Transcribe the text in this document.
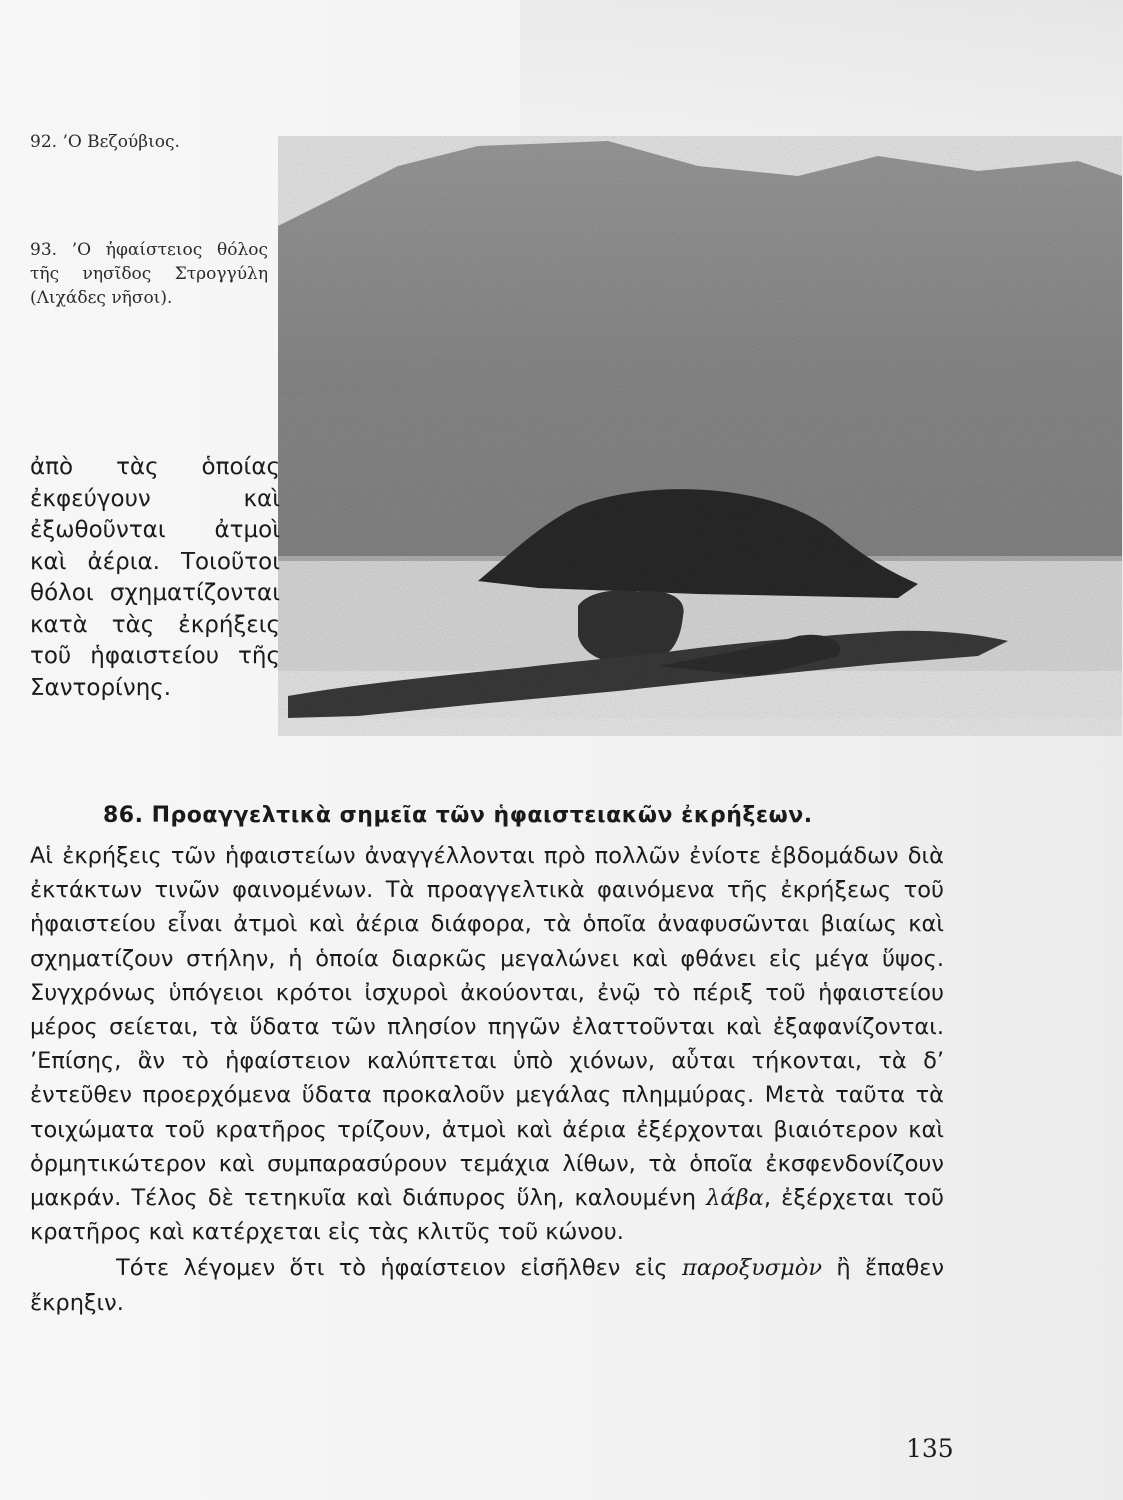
92. ’Ο Βεζούβιος.
93. ’Ο ἡφαίστειος θόλος τῆς νησῖδος Στρογγύλη (Λιχάδες νῆσοι).
ἀπὸ τὰς ὁποίας ἐκφεύγουν καὶ ἐξωθοῦνται ἀτμοὶ καὶ ἀέρια. Τοιοῦτοι θόλοι σχηματίζονται κατὰ τὰς ἐκρήξεις τοῦ ἡφαιστείου τῆς Σαντορίνης.
86. Προαγγελτικὰ σημεῖα τῶν ἡφαιστειακῶν ἐκρήξεων.

Αἱ ἐκρήξεις τῶν ἡφαιστείων ἀναγγέλλονται πρὸ πολλῶν ἐνίοτε ἑβδομάδων διὰ ἐκτάκτων τινῶν φαινομένων. Τὰ προαγγελτικὰ φαινόμενα τῆς ἐκρήξεως τοῦ ἡφαιστείου εἶναι ἀτμοὶ καὶ ἀέρια διάφορα, τὰ ὁποῖα ἀναφυσῶνται βιαίως καὶ σχηματίζουν στήλην, ἡ ὁποία διαρκῶς μεγαλώνει καὶ φθάνει εἰς μέγα ὕψος. Συγχρόνως ὑπόγειοι κρότοι ἰσχυροὶ ἀκούονται, ἐνῷ τὸ πέριξ τοῦ ἡφαιστείου μέρος σείεται, τὰ ὕδατα τῶν πλησίον πηγῶν ἐλαττοῦνται καὶ ἐξαφανίζονται. ’Επίσης, ἂν τὸ ἡφαίστειον καλύπτεται ὑπὸ χιόνων, αὗται τήκονται, τὰ δ’ ἐντεῦθεν προερχόμενα ὕδατα προκαλοῦν μεγάλας πλημμύρας. Μετὰ ταῦτα τὰ τοιχώματα τοῦ κρατῆρος τρίζουν, ἀτμοὶ καὶ ἀέρια ἐξέρχονται βιαιότερον καὶ ὁρμητικώτερον καὶ συμπαρασύρουν τεμάχια λίθων, τὰ ὁποῖα ἐκσφενδονίζουν μακράν. Τέλος δὲ τετηκυῖα καὶ διάπυρος ὕλη, καλουμένη λάβα, ἐξέρχεται τοῦ κρατῆρος καὶ κατέρχεται εἰς τὰς κλιτῦς τοῦ κώνου.

Τότε λέγομεν ὅτι τὸ ἡφαίστειον εἰσῆλθεν εἰς παροξυσμὸν ἢ ἔπαθεν ἔκρηξιν.

135
